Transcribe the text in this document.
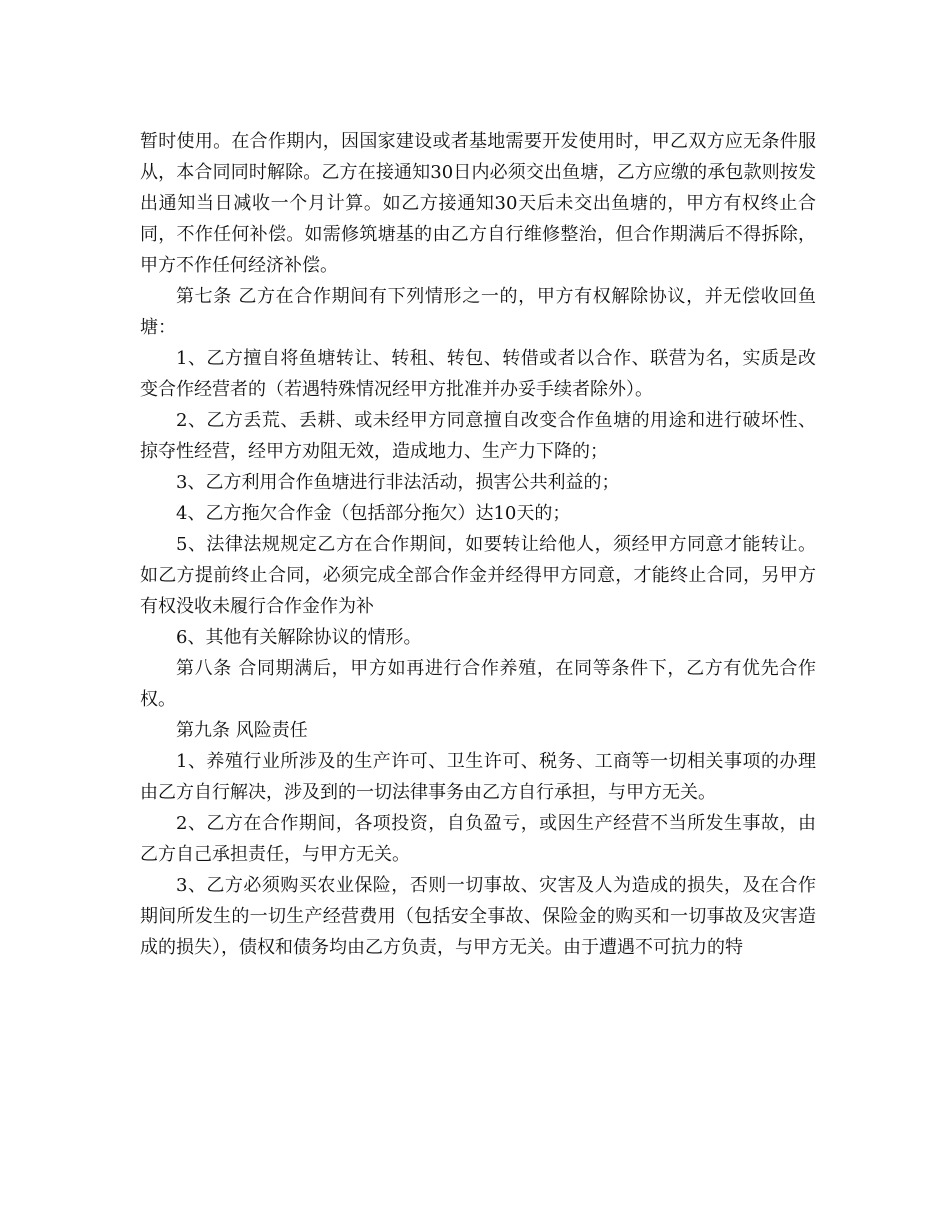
暂时使用。在合作期内，因国家建设或者基地需要开发使用时，甲乙双方应无条件服从，本合同同时解除。乙方在接通知30日内必须交出鱼塘，乙方应缴的承包款则按发出通知当日减收一个月计算。如乙方接通知30天后未交出鱼塘的，甲方有权终止合同，不作任何补偿。如需修筑塘基的由乙方自行维修整治，但合作期满后不得拆除，甲方不作任何经济补偿。

第七条 乙方在合作期间有下列情形之一的，甲方有权解除协议，并无偿收回鱼塘：

1、乙方擅自将鱼塘转让、转租、转包、转借或者以合作、联营为名，实质是改变合作经营者的（若遇特殊情况经甲方批准并办妥手续者除外）。

2、乙方丢荒、丢耕、或未经甲方同意擅自改变合作鱼塘的用途和进行破坏性、掠夺性经营，经甲方劝阻无效，造成地力、生产力下降的；

3、乙方利用合作鱼塘进行非法活动，损害公共利益的；

4、乙方拖欠合作金（包括部分拖欠）达10天的；

5、法律法规规定乙方在合作期间，如要转让给他人，须经甲方同意才能转让。如乙方提前终止合同，必须完成全部合作金并经得甲方同意，才能终止合同，另甲方有权没收未履行合作金作为补

6、其他有关解除协议的情形。

第八条 合同期满后，甲方如再进行合作养殖，在同等条件下，乙方有优先合作权。

第九条 风险责任

1、养殖行业所涉及的生产许可、卫生许可、税务、工商等一切相关事项的办理由乙方自行解决，涉及到的一切法律事务由乙方自行承担，与甲方无关。

2、乙方在合作期间，各项投资，自负盈亏，或因生产经营不当所发生事故，由乙方自己承担责任，与甲方无关。

3、乙方必须购买农业保险，否则一切事故、灾害及人为造成的损失，及在合作期间所发生的一切生产经营费用（包括安全事故、保险金的购买和一切事故及灾害造成的损失），债权和债务均由乙方负责，与甲方无关。由于遭遇不可抗力的特
